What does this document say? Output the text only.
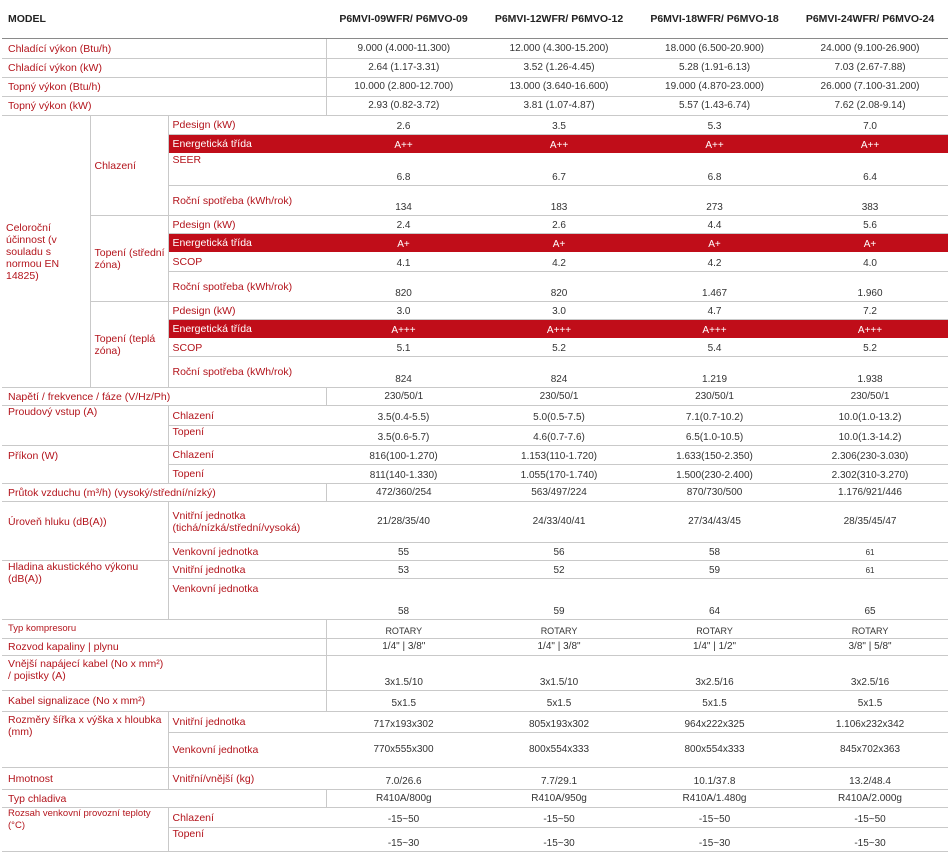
MODEL			P6MVI-09WFR/ P6MVO-09	P6MVI-12WFR/ P6MVO-12	P6MVI-18WFR/ P6MVO-18	P6MVI-24WFR/ P6MVO-24
Chladící výkon (Btu/h)			9.000 (4.000-11.300)	12.000 (4.300-15.200)	18.000 (6.500-20.900)	24.000 (9.100-26.900)
Chladící výkon (kW)			2.64 (1.17-3.31)	3.52 (1.26-4.45)	5.28 (1.91-6.13)	7.03 (2.67-7.88)
Topný výkon (Btu/h)			10.000 (2.800-12.700)	13.000 (3.640-16.600)	19.000 (4.870-23.000)	26.000 (7.100-31.200)
Topný výkon (kW)			2.93 (0.82-3.72)	3.81 (1.07-4.87)	5.57 (1.43-6.74)	7.62 (2.08-9.14)
Celoroční účinnost (v souladu s normou EN 14825)	Chlazení	Pdesign (kW)	2.6	3.5	5.3	7.0
		Energetická třída	A++	A++	A++	A++
		SEER	6.8	6.7	6.8	6.4
		Roční spotřeba (kWh/rok)	134	183	273	383
	Topení (střední zóna)	Pdesign (kW)	2.4	2.6	4.4	5.6
		Energetická třída	A+	A+	A+	A+
		SCOP	4.1	4.2	4.2	4.0
		Roční spotřeba (kWh/rok)	820	820	1.467	1.960
	Topení (teplá zóna)	Pdesign (kW)	3.0	3.0	4.7	7.2
		Energetická třída	A+++	A+++	A+++	A+++
		SCOP	5.1	5.2	5.4	5.2
		Roční spotřeba (kWh/rok)	824	824	1.219	1.938
Napětí / frekvence / fáze (V/Hz/Ph)			230/50/1	230/50/1	230/50/1	230/50/1
Proudový vstup (A)		Chlazení	3.5(0.4-5.5)	5.0(0.5-7.5)	7.1(0.7-10.2)	10.0(1.0-13.2)
		Topení	3.5(0.6-5.7)	4.6(0.7-7.6)	6.5(1.0-10.5)	10.0(1.3-14.2)
Příkon (W)		Chlazení	816(100-1.270)	1.153(110-1.720)	1.633(150-2.350)	2.306(230-3.030)
		Topení	811(140-1.330)	1.055(170-1.740)	1.500(230-2.400)	2.302(310-3.270)
Průtok vzduchu (m³/h) (vysoký/střední/nízký)			472/360/254	563/497/224	870/730/500	1.176/921/446
Úroveň hluku (dB(A))		Vnitřní jednotka (tichá/nízká/střední/vysoká)	21/28/35/40	24/33/40/41	27/34/43/45	28/35/45/47
		Venkovní jednotka	55	56	58	61
Hladina akustického výkonu (dB(A))		Vnitřní jednotka	53	52	59	61
		Venkovní jednotka	58	59	64	65
Typ kompresoru			ROTARY	ROTARY	ROTARY	ROTARY
Rozvod kapaliny | plynu			1/4" | 3/8"	1/4" | 3/8"	1/4" | 1/2"	3/8" | 5/8"
Vnější napájecí kabel (No x mm²) / pojistky (A)			3x1.5/10	3x1.5/10	3x2.5/16	3x2.5/16
Kabel signalizace (No x mm²)			5x1.5	5x1.5	5x1.5	5x1.5
Rozměry šířka x výška x hloubka (mm)		Vnitřní jednotka	717x193x302	805x193x302	964x222x325	1.106x232x342
		Venkovní jednotka	770x555x300	800x554x333	800x554x333	845x702x363
Hmotnost		Vnitřní/vnější (kg)	7.0/26.6	7.7/29.1	10.1/37.8	13.2/48.4
Typ chladiva			R410A/800g	R410A/950g	R410A/1.480g	R410A/2.000g
Rozsah venkovní provozní teploty (°C)		Chlazení	-15~50	-15~50	-15~50	-15~50
		Topení	-15~30	-15~30	-15~30	-15~30
